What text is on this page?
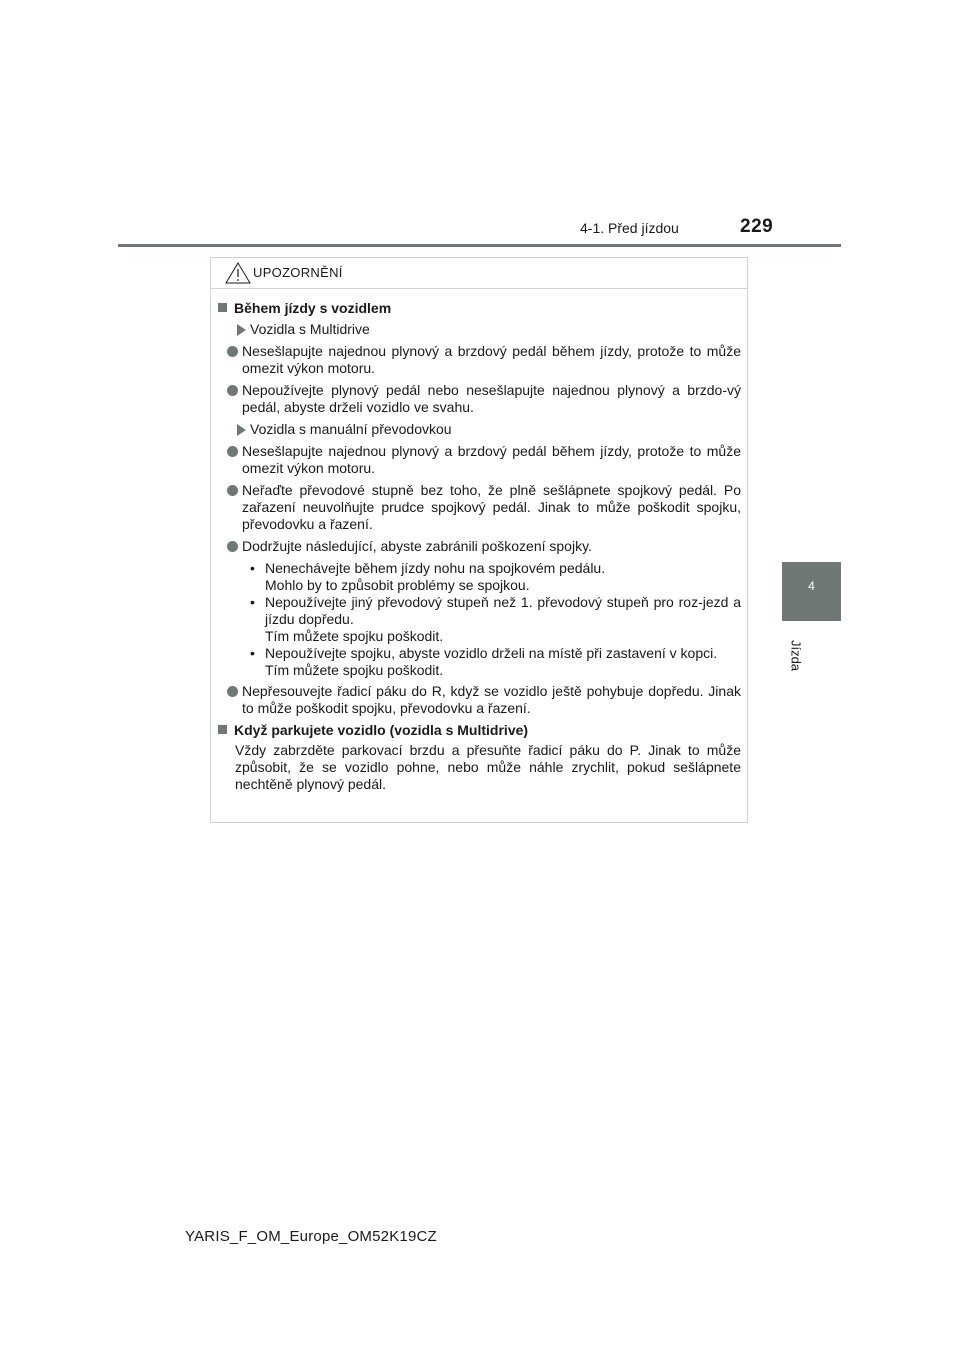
4-1. Před jízdou	229
4
Jízda
UPOZORNĚNÍ
Během jízdy s vozidlem
Vozidla s Multidrive
Nesešlapujte najednou plynový a brzdový pedál během jízdy, protože to může omezit výkon motoru.
Nepoužívejte plynový pedál nebo nesešlapujte najednou plynový a brzdo-vý pedál, abyste drželi vozidlo ve svahu.
Vozidla s manuální převodovkou
Nesešlapujte najednou plynový a brzdový pedál během jízdy, protože to může omezit výkon motoru.
Neřaďte převodové stupně bez toho, že plně sešlápnete spojkový pedál. Po zařazení neuvolňujte prudce spojkový pedál. Jinak to může poškodit spojku, převodovku a řazení.
Dodržujte následující, abyste zabránili poškození spojky.
• Nenechávejte během jízdy nohu na spojkovém pedálu.

Mohlo by to způsobit problémy se spojkou.

• Nepoužívejte jiný převodový stupeň než 1. převodový stupeň pro roz-jezd a jízdu dopředu.

Tím můžete spojku poškodit.

• Nepoužívejte spojku, abyste vozidlo drželi na místě při zastavení v kopci.

Tím můžete spojku poškodit.

Nepřesouvejte řadicí páku do R, když se vozidlo ještě pohybuje dopředu. Jinak to může poškodit spojku, převodovku a řazení.
Když parkujete vozidlo (vozidla s Multidrive)
Vždy zabrzděte parkovací brzdu a přesuňte řadicí páku do P. Jinak to může způsobit, že se vozidlo pohne, nebo může náhle zrychlit, pokud sešlápnete nechtěně plynový pedál.
YARIS_F_OM_Europe_OM52K19CZ
